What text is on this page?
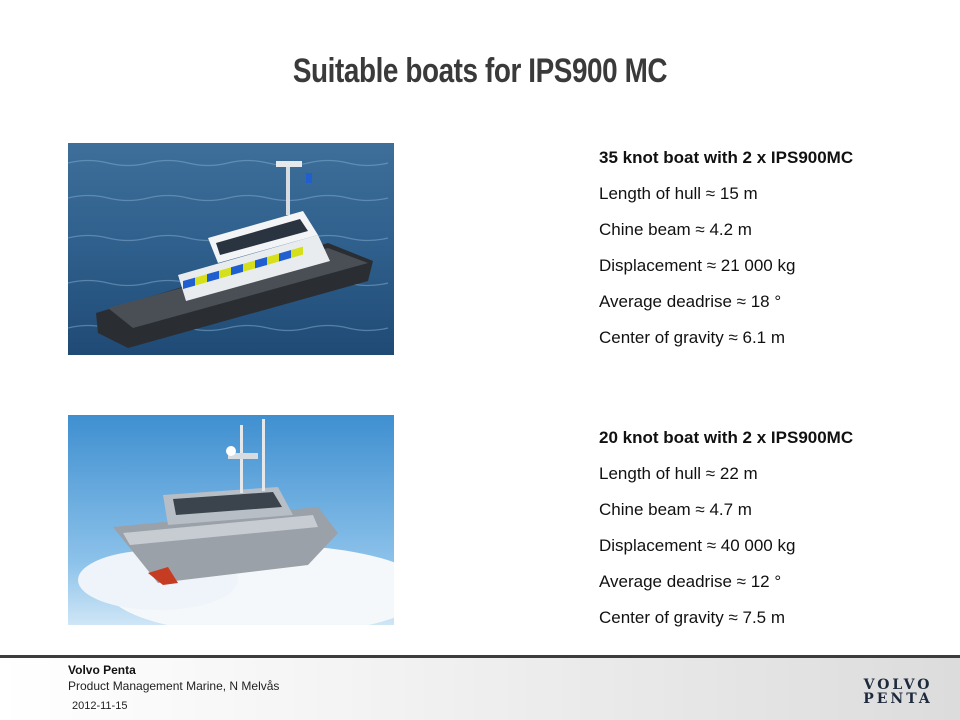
Suitable boats for IPS900 MC
35 knot boat with 2 x IPS900MC
Length of hull ≈ 15 m
Chine beam ≈ 4.2 m
Displacement ≈ 21 000 kg
Average deadrise ≈ 18 °
Center of gravity ≈ 6.1 m
20 knot boat with 2 x IPS900MC
Length of hull ≈ 22 m
Chine beam ≈ 4.7 m
Displacement ≈ 40 000 kg
Average deadrise ≈ 12 °
Center of gravity ≈ 7.5 m
Volvo Penta
Product Management Marine, N Melvås
2012-11-15
VOLVO
PENTA
